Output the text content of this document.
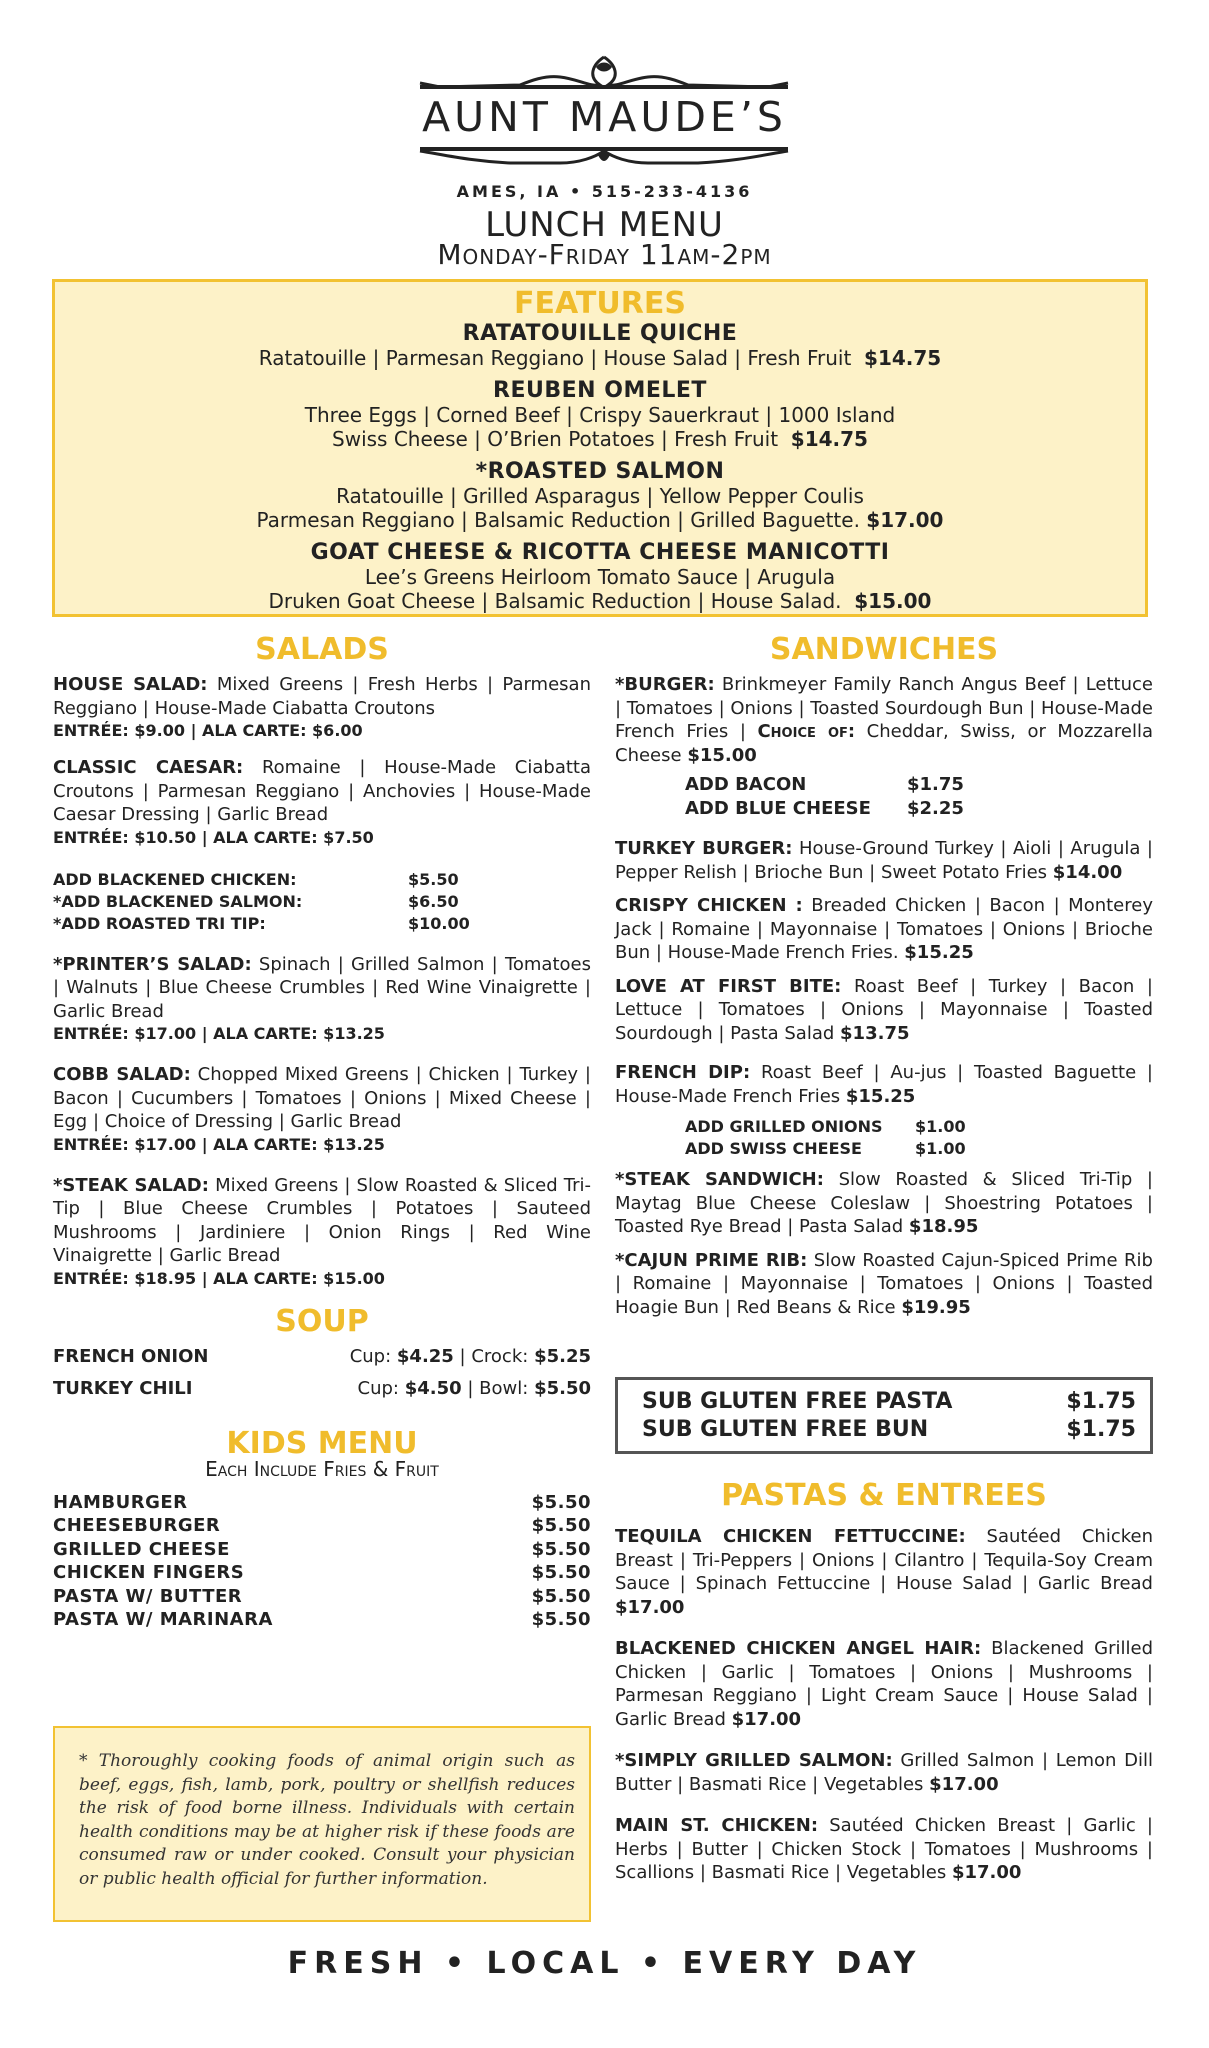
AUNT MAUDE’S
AMES, IA • 515-233-4136
LUNCH MENU
Monday-Friday 11am-2pm
FEATURES
RATATOUILLE QUICHE
Ratatouille | Parmesan Reggiano | House Salad | Fresh Fruit $14.75
REUBEN OMELET
Three Eggs | Corned Beef | Crispy Sauerkraut | 1000 Island
Swiss Cheese | O’Brien Potatoes | Fresh Fruit $14.75
*ROASTED SALMON
Ratatouille | Grilled Asparagus | Yellow Pepper Coulis
Parmesan Reggiano | Balsamic Reduction | Grilled Baguette. $17.00
GOAT CHEESE & RICOTTA CHEESE MANICOTTI
Lee’s Greens Heirloom Tomato Sauce | Arugula
Druken Goat Cheese | Balsamic Reduction | House Salad. $15.00
SALADS
HOUSE SALAD: Mixed Greens | Fresh Herbs | Parmesan Reggiano | House-Made Ciabatta Croutons
ENTRÉE: $9.00 | ALA CARTE: $6.00
CLASSIC CAESAR: Romaine | House-Made Ciabatta Croutons | Parmesan Reggiano | Anchovies | House-Made Caesar Dressing | Garlic Bread
ENTRÉE: $10.50 | ALA CARTE: $7.50
ADD BLACKENED CHICKEN:	$5.50
*ADD BLACKENED SALMON:	$6.50
*ADD ROASTED TRI TIP:	$10.00
*PRINTER’S SALAD: Spinach | Grilled Salmon | Tomatoes | Walnuts | Blue Cheese Crumbles | Red Wine Vinaigrette | Garlic Bread
ENTRÉE: $17.00 | ALA CARTE: $13.25
COBB SALAD: Chopped Mixed Greens | Chicken | Turkey | Bacon | Cucumbers | Tomatoes | Onions | Mixed Cheese | Egg | Choice of Dressing | Garlic Bread
ENTRÉE: $17.00 | ALA CARTE: $13.25
*STEAK SALAD: Mixed Greens | Slow Roasted & Sliced Tri-Tip | Blue Cheese Crumbles | Potatoes | Sauteed Mushrooms | Jardiniere | Onion Rings | Red Wine Vinaigrette | Garlic Bread
ENTRÉE: $18.95 | ALA CARTE: $15.00
SOUP
FRENCH ONION	Cup: $4.25 | Crock: $5.25
TURKEY CHILI	Cup: $4.50 | Bowl: $5.50
KIDS MENU
Each Include Fries & Fruit
HAMBURGER	$5.50
CHEESEBURGER	$5.50
GRILLED CHEESE	$5.50
CHICKEN FINGERS	$5.50
PASTA W/ BUTTER	$5.50
PASTA W/ MARINARA	$5.50
* Thoroughly cooking foods of animal origin such as beef, eggs, fish, lamb, pork, poultry or shellfish reduces the risk of food borne illness. Individuals with certain health conditions may be at higher risk if these foods are consumed raw or under cooked. Consult your physician or public health official for further information.
SANDWICHES
*BURGER: Brinkmeyer Family Ranch Angus Beef | Lettuce | Tomatoes | Onions | Toasted Sourdough Bun | House-Made French Fries | Choice of: Cheddar, Swiss, or Mozzarella Cheese $15.00
ADD BACON	$1.75
ADD BLUE CHEESE	$2.25
TURKEY BURGER: House-Ground Turkey | Aioli | Arugula | Pepper Relish | Brioche Bun | Sweet Potato Fries $14.00
CRISPY CHICKEN : Breaded Chicken | Bacon | Monterey Jack | Romaine | Mayonnaise | Tomatoes | Onions | Brioche Bun | House-Made French Fries. $15.25
LOVE AT FIRST BITE: Roast Beef | Turkey | Bacon | Lettuce | Tomatoes | Onions | Mayonnaise | Toasted Sourdough | Pasta Salad $13.75
FRENCH DIP: Roast Beef | Au-jus | Toasted Baguette | House-Made French Fries $15.25
ADD GRILLED ONIONS	$1.00
ADD SWISS CHEESE	$1.00
*STEAK SANDWICH: Slow Roasted & Sliced Tri-Tip | Maytag Blue Cheese Coleslaw | Shoestring Potatoes | Toasted Rye Bread | Pasta Salad $18.95
*CAJUN PRIME RIB: Slow Roasted Cajun-Spiced Prime Rib | Romaine | Mayonnaise | Tomatoes | Onions | Toasted Hoagie Bun | Red Beans & Rice $19.95
SUB GLUTEN FREE PASTA	$1.75
SUB GLUTEN FREE BUN	$1.75
PASTAS & ENTREES
TEQUILA CHICKEN FETTUCCINE: Sautéed Chicken Breast | Tri-Peppers | Onions | Cilantro | Tequila-Soy Cream Sauce | Spinach Fettuccine | House Salad | Garlic Bread $17.00
BLACKENED CHICKEN ANGEL HAIR: Blackened Grilled Chicken | Garlic | Tomatoes | Onions | Mushrooms | Parmesan Reggiano | Light Cream Sauce | House Salad | Garlic Bread $17.00
*SIMPLY GRILLED SALMON: Grilled Salmon | Lemon Dill Butter | Basmati Rice | Vegetables $17.00
MAIN ST. CHICKEN: Sautéed Chicken Breast | Garlic | Herbs | Butter | Chicken Stock | Tomatoes | Mushrooms | Scallions | Basmati Rice | Vegetables $17.00
FRESH • LOCAL • EVERY DAY
